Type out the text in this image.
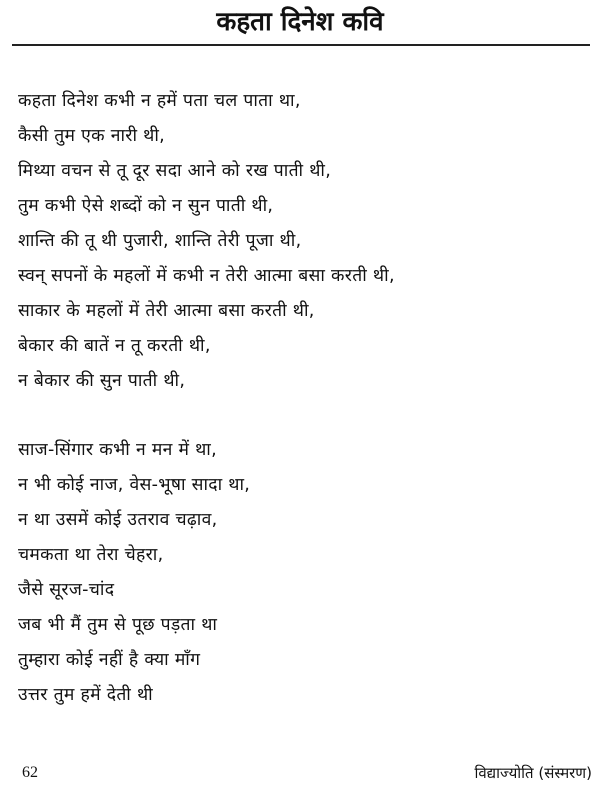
कहता दिनेश कवि
कहता दिनेश कभी न हमें पता चल पाता था,
कैसी तुम एक नारी थी,
मिथ्या वचन से तू दूर सदा आने को रख पाती थी,
तुम कभी ऐसे शब्दों को न सुन पाती थी,
शान्ति की तू थी पुजारी, शान्ति तेरी पूजा थी,
स्वन् सपनों के महलों में कभी न तेरी आत्मा बसा करती थी,
साकार के महलों में तेरी आत्मा बसा करती थी,
बेकार की बातें न तू करती थी,
न बेकार की सुन पाती थी,
साज-सिंगार कभी न मन में था,
न भी कोई नाज, वेस-भूषा सादा था,
न था उसमें कोई उतराव चढ़ाव,
चमकता था तेरा चेहरा,
जैसे सूरज-चांद
जब भी मैं तुम से पूछ पड़ता था
तुम्हारा कोई नहीं है क्या माँग
उत्तर तुम हमें देती थी
62	विद्याज्योति (संस्मरण)
